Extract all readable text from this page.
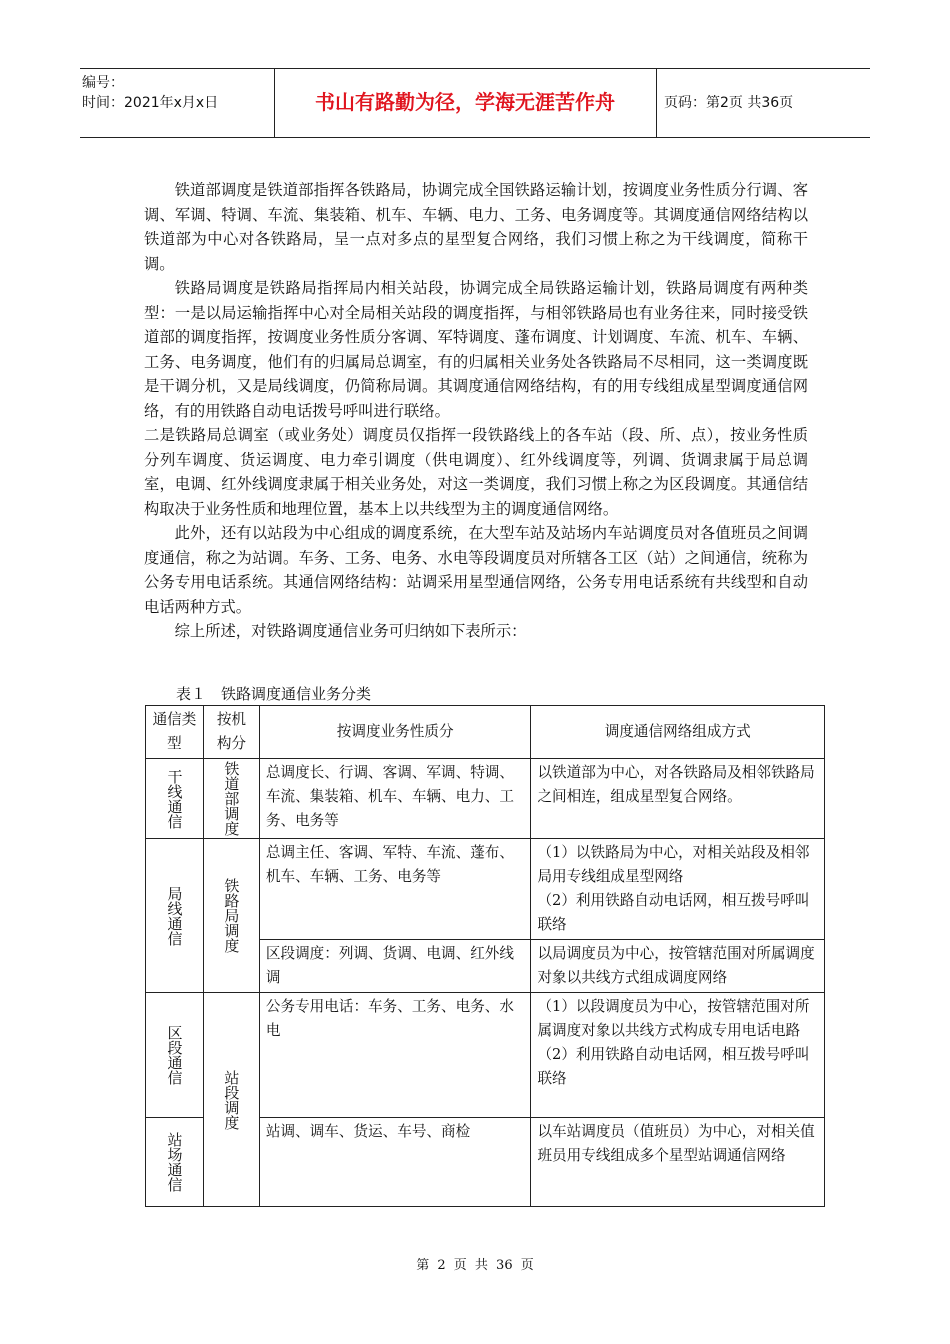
编号：
时间：2021年x月x日	书山有路勤为径，学海无涯苦作舟	页码：第2页 共36页

铁道部调度是铁道部指挥各铁路局，协调完成全国铁路运输计划，按调度业务性质分行调、客调、军调、特调、车流、集装箱、机车、车辆、电力、工务、电务调度等。其调度通信网络结构以铁道部为中心对各铁路局，呈一点对多点的星型复合网络，我们习惯上称之为干线调度，简称干调。

铁路局调度是铁路局指挥局内相关站段，协调完成全局铁路运输计划，铁路局调度有两种类型：一是以局运输指挥中心对全局相关站段的调度指挥，与相邻铁路局也有业务往来，同时接受铁道部的调度指挥，按调度业务性质分客调、军特调度、蓬布调度、计划调度、车流、机车、车辆、工务、电务调度，他们有的归属局总调室，有的归属相关业务处各铁路局不尽相同，这一类调度既是干调分机，又是局线调度，仍简称局调。其调度通信网络结构，有的用专线组成星型调度通信网络，有的用铁路自动电话拨号呼叫进行联络。

二是铁路局总调室（或业务处）调度员仅指挥一段铁路线上的各车站（段、所、点），按业务性质分列车调度、货运调度、电力牵引调度（供电调度）、红外线调度等，列调、货调隶属于局总调室，电调、红外线调度隶属于相关业务处，对这一类调度，我们习惯上称之为区段调度。其通信结构取决于业务性质和地理位置，基本上以共线型为主的调度通信网络。

此外，还有以站段为中心组成的调度系统，在大型车站及站场内车站调度员对各值班员之间调度通信，称之为站调。车务、工务、电务、水电等段调度员对所辖各工区（站）之间通信，统称为公务专用电话系统。其通信网络结构：站调采用星型通信网络，公务专用电话系统有共线型和自动电话两种方式。

综上所述，对铁路调度通信业务可归纳如下表所示：

表１　铁路调度通信业务分类
通信类型	按机构分	按调度业务性质分	调度通信网络组成方式

干线通信	铁道部调度	总调度长、行调、客调、军调、特调、车流、集装箱、机车、车辆、电力、工务、电务等	以铁道部为中心，对各铁路局及相邻铁路局之间相连，组成星型复合网络。

局线通信	铁路局调度	总调主任、客调、军特、车流、蓬布、机车、车辆、工务、电务等	（1）以铁路局为中心，对相关站段及相邻局用专线组成星型网络
（2）利用铁路自动电话网，相互拨号呼叫联络

		区段调度：列调、货调、电调、红外线调	以局调度员为中心，按管辖范围对所属调度对象以共线方式组成调度网络

区段通信	站段调度	公务专用电话：车务、工务、电务、水电	（1）以段调度员为中心，按管辖范围对所属调度对象以共线方式构成专用电话电路
（2）利用铁路自动电话网，相互拨号呼叫联络

站场通信		站调、调车、货运、车号、商检	以车站调度员（值班员）为中心，对相关值班员用专线组成多个星型站调通信网络
第 2 页 共 36 页
